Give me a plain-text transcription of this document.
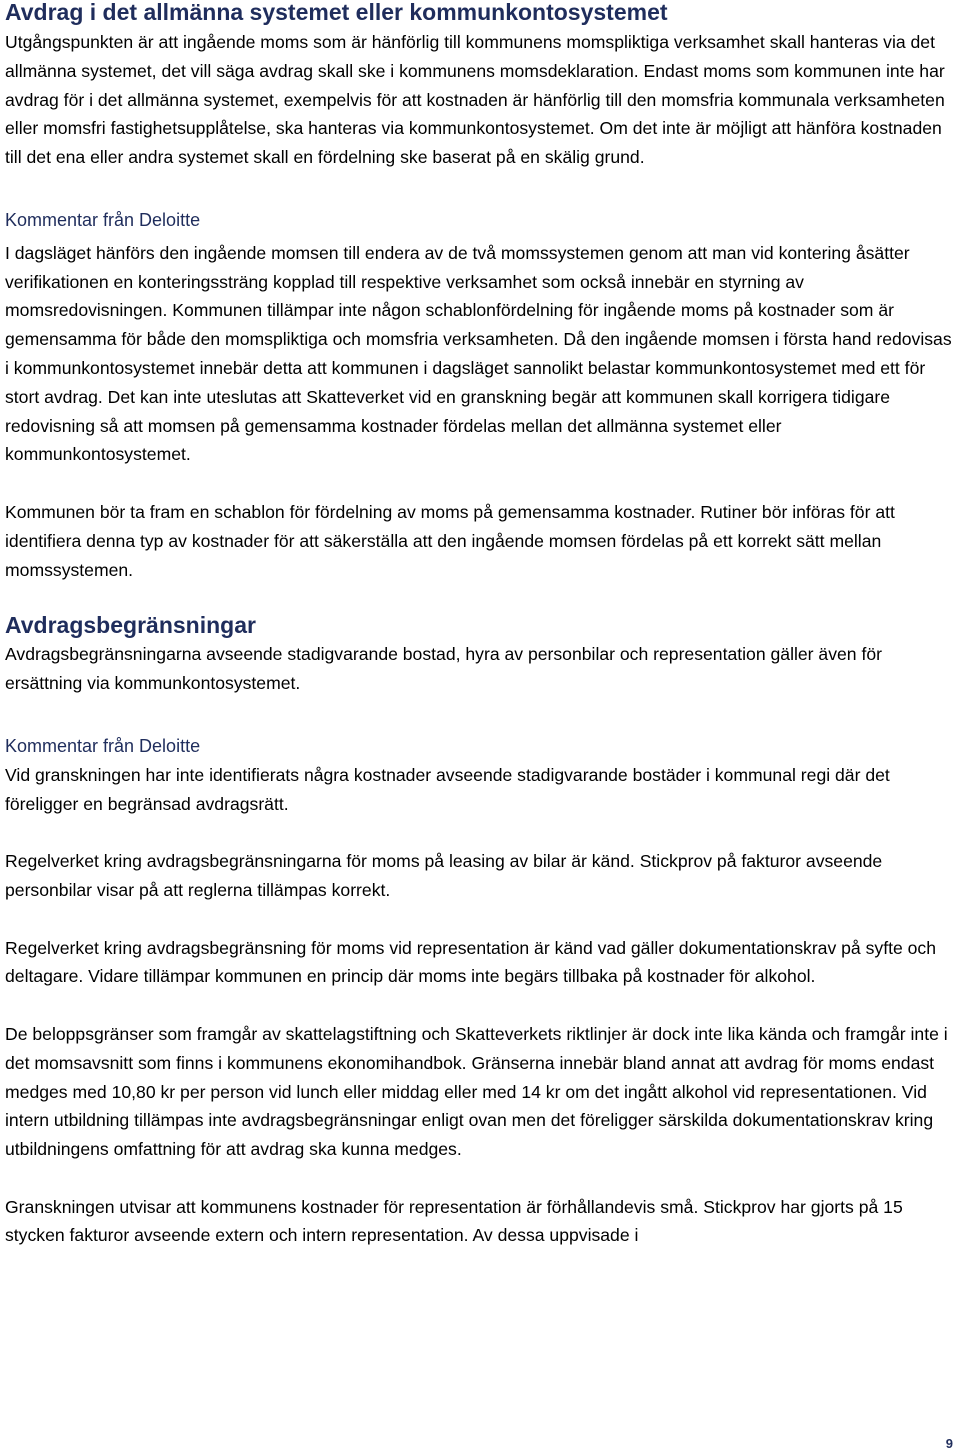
Avdrag i det allmänna systemet eller kommunkontosystemet

Utgångspunkten är att ingående moms som är hänförlig till kommunens momspliktiga verksamhet skall hanteras via det allmänna systemet, det vill säga avdrag skall ske i kommunens momsdeklaration. Endast moms som kommunen inte har avdrag för i det allmänna systemet, exempelvis för att kostnaden är hänförlig till den momsfria kommunala verksamheten eller momsfri fastighetsupplåtelse, ska hanteras via kommunkontosystemet. Om det inte är möjligt att hänföra kostnaden till det ena eller andra systemet skall en fördelning ske baserat på en skälig grund.

Kommentar från Deloitte

I dagsläget hänförs den ingående momsen till endera av de två momssystemen genom att man vid kontering åsätter verifikationen en konteringssträng kopplad till respektive verksamhet som också innebär en styrning av momsredovisningen. Kommunen tillämpar inte någon schablonfördelning för ingående moms på kostnader som är gemensamma för både den momspliktiga och momsfria verksamheten. Då den ingående momsen i första hand redovisas i kommunkontosystemet innebär detta att kommunen i dagsläget sannolikt belastar kommunkontosystemet med ett för stort avdrag. Det kan inte uteslutas att Skatteverket vid en granskning begär att kommunen skall korrigera tidigare redovisning så att momsen på gemensamma kostnader fördelas mellan det allmänna systemet eller kommunkontosystemet.

Kommunen bör ta fram en schablon för fördelning av moms på gemensamma kostnader. Rutiner bör införas för att identifiera denna typ av kostnader för att säkerställa att den ingående momsen fördelas på ett korrekt sätt mellan momssystemen.

Avdragsbegränsningar

Avdragsbegränsningarna avseende stadigvarande bostad, hyra av personbilar och representation gäller även för ersättning via kommunkontosystemet.

Kommentar från Deloitte

Vid granskningen har inte identifierats några kostnader avseende stadigvarande bostäder i kommunal regi där det föreligger en begränsad avdragsrätt.

Regelverket kring avdragsbegränsningarna för moms på leasing av bilar är känd. Stickprov på fakturor avseende personbilar visar på att reglerna tillämpas korrekt.

Regelverket kring avdragsbegränsning för moms vid representation är känd vad gäller dokumentationskrav på syfte och deltagare. Vidare tillämpar kommunen en princip där moms inte begärs tillbaka på kostnader för alkohol.

De beloppsgränser som framgår av skattelagstiftning och Skatteverkets riktlinjer är dock inte lika kända och framgår inte i det momsavsnitt som finns i kommunens ekonomihandbok. Gränserna innebär bland annat att avdrag för moms endast medges med 10,80 kr per person vid lunch eller middag eller med 14 kr om det ingått alkohol vid representationen. Vid intern utbildning tillämpas inte avdragsbegränsningar enligt ovan men det föreligger särskilda dokumentationskrav kring utbildningens omfattning för att avdrag ska kunna medges.

Granskningen utvisar att kommunens kostnader för representation är förhållandevis små. Stickprov har gjorts på 15 stycken fakturor avseende extern och intern representation. Av dessa uppvisade i

9
